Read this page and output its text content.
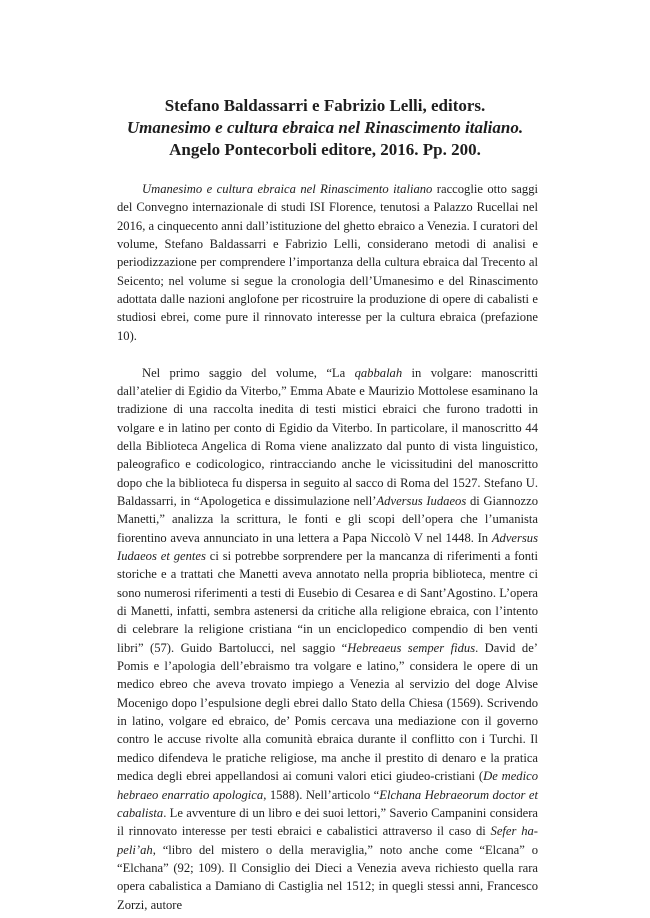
Stefano Baldassarri e Fabrizio Lelli, editors.
Umanesimo e cultura ebraica nel Rinascimento italiano.
Angelo Pontecorboli editore, 2016. Pp. 200.

Umanesimo e cultura ebraica nel Rinascimento italiano raccoglie otto saggi del Convegno internazionale di studi ISI Florence, tenutosi a Palazzo Rucellai nel 2016, a cinquecento anni dall’istituzione del ghetto ebraico a Venezia. I curatori del volume, Stefano Baldassarri e Fabrizio Lelli, considerano metodi di analisi e periodizzazione per comprendere l’importanza della cultura ebraica dal Trecento al Seicento; nel volume si segue la cronologia dell’Umanesimo e del Rinascimento adottata dalle nazioni anglofone per ricostruire la produzione di opere di cabalisti e studiosi ebrei, come pure il rinnovato interesse per la cultura ebraica (prefazione 10).

Nel primo saggio del volume, “La qabbalah in volgare: manoscritti dall’atelier di Egidio da Viterbo,” Emma Abate e Maurizio Mottolese esaminano la tradizione di una raccolta inedita di testi mistici ebraici che furono tradotti in volgare e in latino per conto di Egidio da Viterbo. In particolare, il manoscritto 44 della Biblioteca Angelica di Roma viene analizzato dal punto di vista linguistico, paleografico e codicologico, rintracciando anche le vicissitudini del manoscritto dopo che la biblioteca fu dispersa in seguito al sacco di Roma del 1527. Stefano U. Baldassarri, in “Apologetica e dissimulazione nell’Adversus Iudaeos di Giannozzo Manetti,” analizza la scrittura, le fonti e gli scopi dell’opera che l’umanista fiorentino aveva annunciato in una lettera a Papa Niccolò V nel 1448. In Adversus Iudaeos et gentes ci si potrebbe sorprendere per la mancanza di riferimenti a fonti storiche e a trattati che Manetti aveva annotato nella propria biblioteca, mentre ci sono numerosi riferimenti a testi di Eusebio di Cesarea e di Sant’Agostino. L’opera di Manetti, infatti, sembra astenersi da critiche alla religione ebraica, con l’intento di celebrare la religione cristiana “in un enciclopedico compendio di ben venti libri” (57). Guido Bartolucci, nel saggio “Hebreaeus semper fidus. David de’ Pomis e l’apologia dell’ebraismo tra volgare e latino,” considera le opere di un medico ebreo che aveva trovato impiego a Venezia al servizio del doge Alvise Mocenigo dopo l’espulsione degli ebrei dallo Stato della Chiesa (1569). Scrivendo in latino, volgare ed ebraico, de’ Pomis cercava una mediazione con il governo contro le accuse rivolte alla comunità ebraica durante il conflitto con i Turchi. Il medico difendeva le pratiche religiose, ma anche il prestito di denaro e la pratica medica degli ebrei appellandosi ai comuni valori etici giudeo-cristiani (De medico hebraeo enarratio apologica, 1588). Nell’articolo “Elchana Hebraeorum doctor et cabalista. Le avventure di un libro e dei suoi lettori,” Saverio Campanini considera il rinnovato interesse per testi ebraici e cabalistici attraverso il caso di Sefer ha-peli’ah, “libro del mistero o della meraviglia,” noto anche come “Elcana” o “Elchana” (92; 109). Il Consiglio dei Dieci a Venezia aveva richiesto quella rara opera cabalistica a Damiano di Castiglia nel 1512; in quegli stessi anni, Francesco Zorzi, autore
